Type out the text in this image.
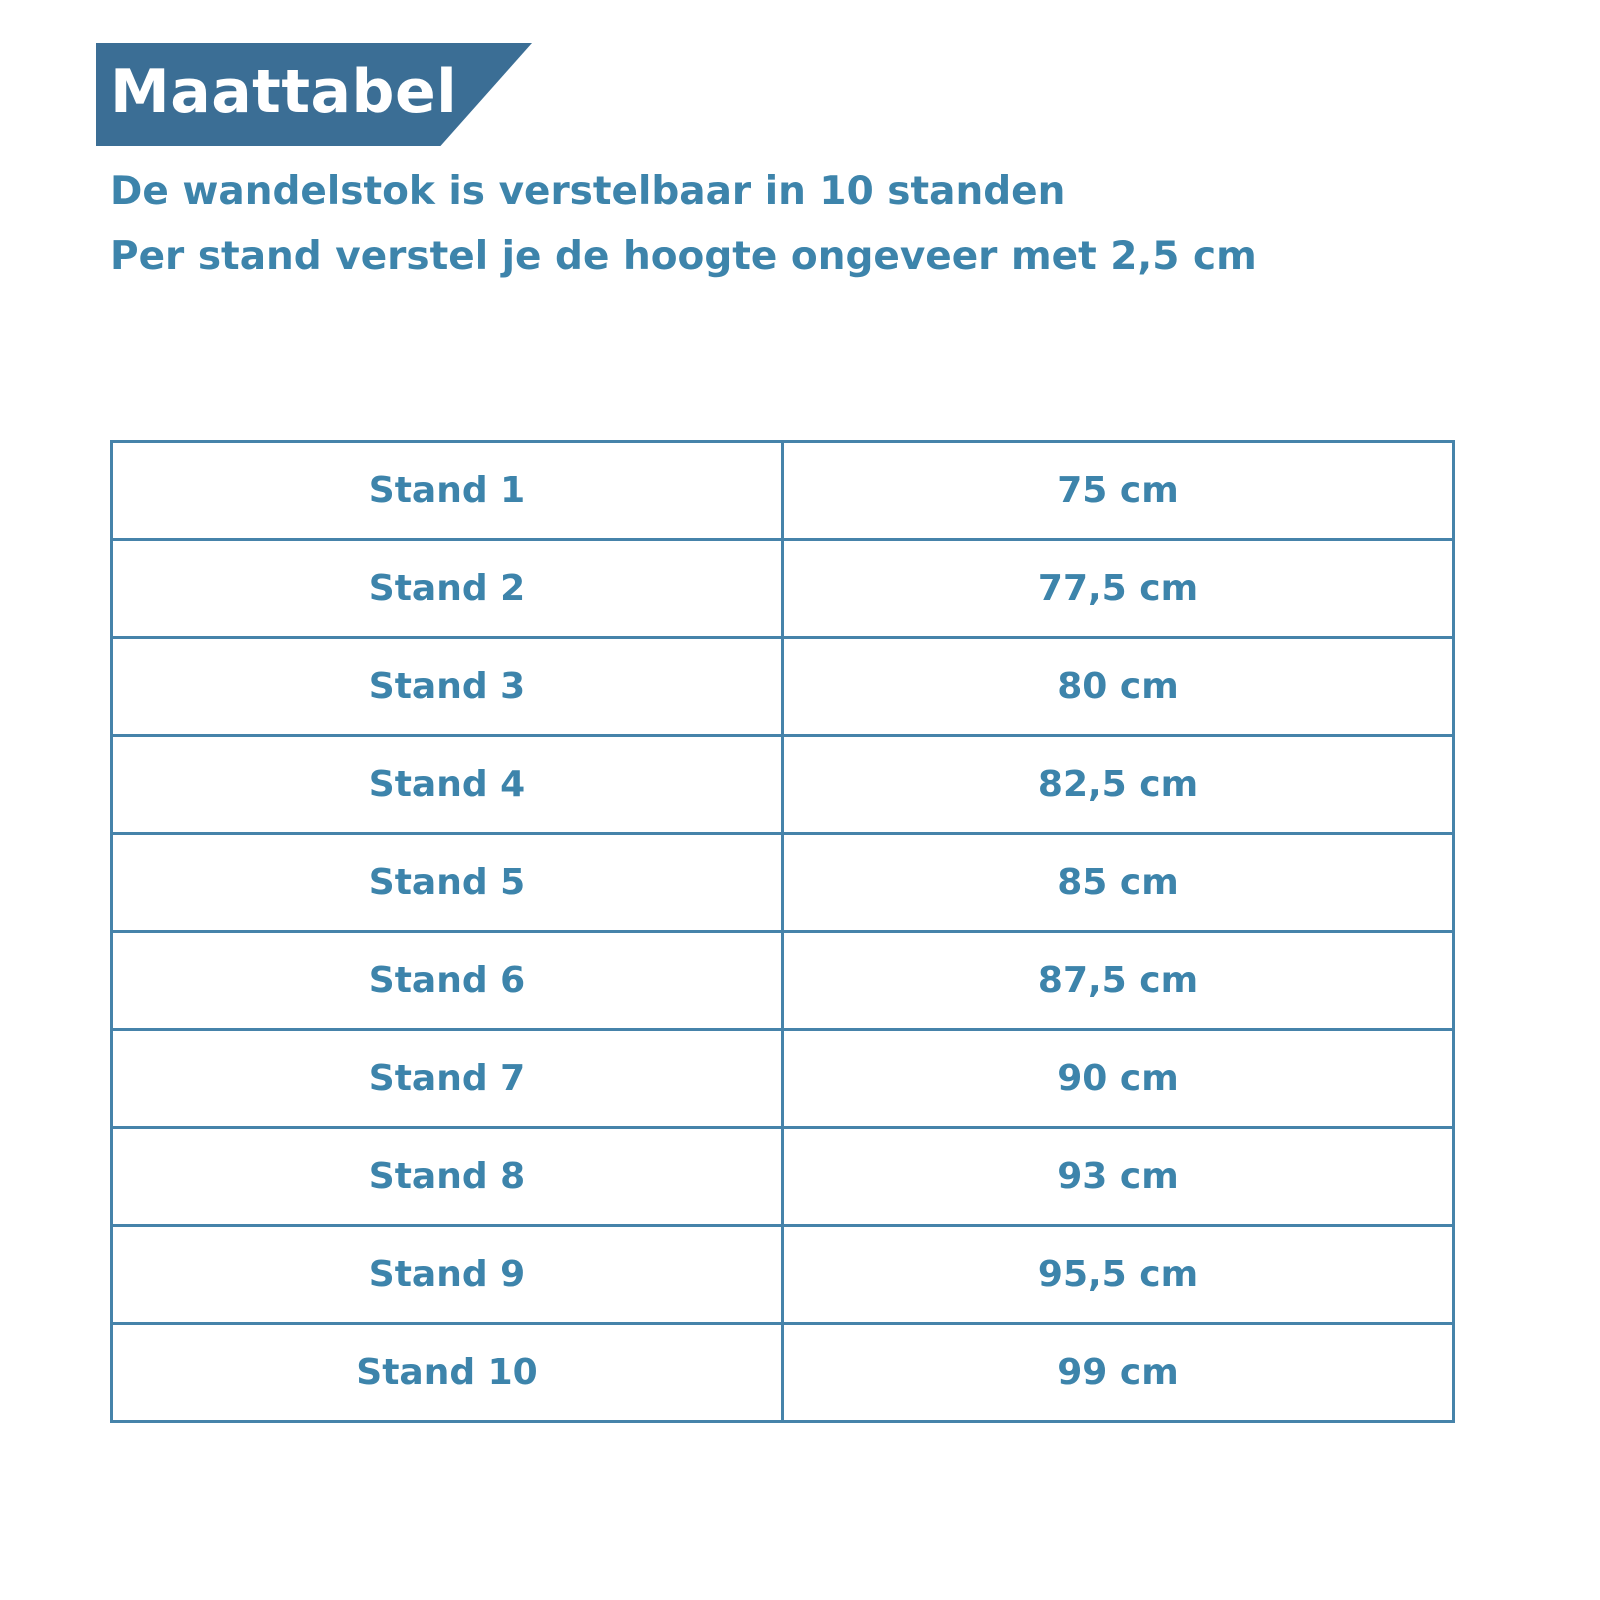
Maattabel
De wandelstok is verstelbaar in 10 standen
Per stand verstel je de hoogte ongeveer met 2,5 cm
Stand 1	75 cm
Stand 2	77,5 cm
Stand 3	80 cm
Stand 4	82,5 cm
Stand 5	85 cm
Stand 6	87,5 cm
Stand 7	90 cm
Stand 8	93 cm
Stand 9	95,5 cm
Stand 10	99 cm
